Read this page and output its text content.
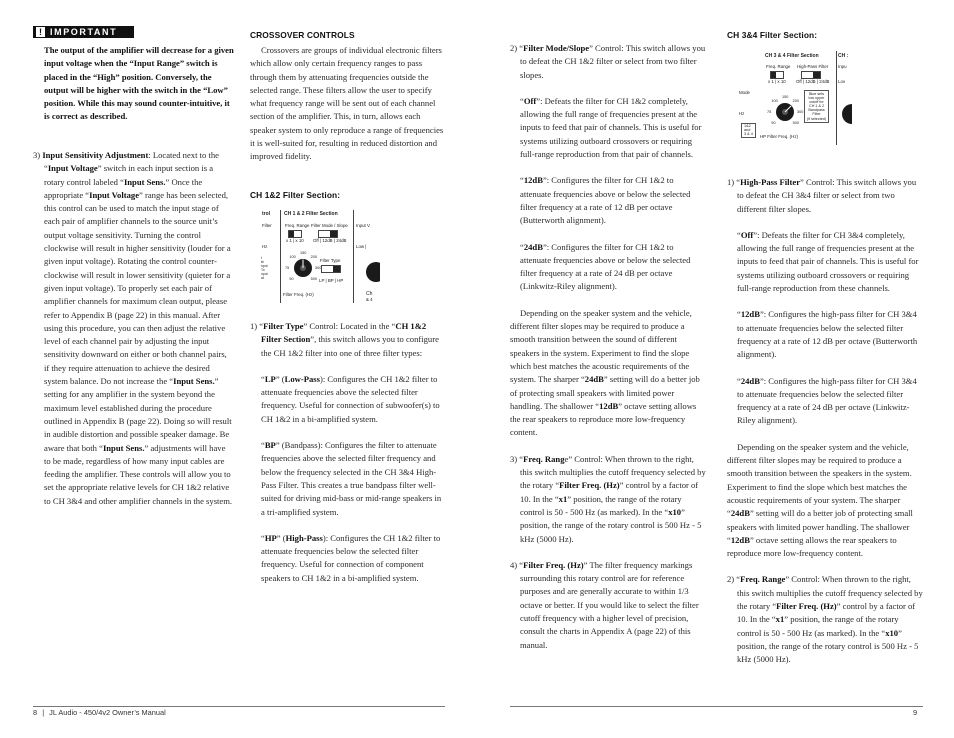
! IMPORTANT

The output of the amplifier will decrease for a given input voltage when the “Input Range” switch is placed in the “High” position. Conversely, the output will be higher with the switch in the “Low” position. While this may sound counter-intuitive, it is correct as described.

3) Input Sensitivity Adjustment: Located next to the “Input Voltage” switch in each input section is a rotary control labeled “Input Sens.” Once the appropriate “Input Voltage” range has been selected, this control can be used to match the input stage of each pair of amplifier channels to the source unit’s output voltage sensitivity. Turning the control clockwise will result in higher sensitivity (louder for a given input voltage). Rotating the control counter-clockwise will result in lower sensitivity (quieter for a given input voltage). To properly set each pair of amplifier channels for maximum clean output, please refer to Appendix B (page 22) in this manual. After using this procedure, you can then adjust the relative level of each channel pair by adjusting the input sensitivity downward on either or both channel pairs, if they require attenuation to achieve the desired system balance. Do not increase the “Input Sens.” setting for any amplifier in the system beyond the maximum level established during the procedure outlined in Appendix B (page 22). Doing so will result in audible distortion and possible speaker damage. Be aware that both “Input Sens.” adjustments will have to be made, regardless of how many input cables are feeding the amplifier. These controls will allow you to set the appropriate relative levels for CH 1&2 relative to CH 3&4 and other amplifier channels in the system.

CROSSOVER CONTROLS

Crossovers are groups of individual electronic filters which allow only certain frequency ranges to pass through them by attenuating frequencies outside the selected range. These filters allow the user to specify what frequency range will be sent out of each channel section of the amplifier. This, in turn, allows each speaker system to only reproduce a range of frequencies it is well-suited for, resulting in reduced distortion and improved fidelity.

CH 1&2 Filter Section:
trol
Filter
Hz
t
te
nput
To
nput
at
CH 1 & 2 Filter Section
Freq. Range Filter Mode / Slope
x 1 | x 10 Off | 12dB | 24dB
50
75
100
150
200
300
500
Filter Freq. (Hz)
Filter Type
LP | BP | HP
Input V
Low |
Ch
& 4

1) “Filter Type” Control: Located in the “CH 1&2 Filter Section”, this switch allows you to configure the CH 1&2 filter into one of three filter types:

“LP” (Low-Pass): Configures the CH 1&2 filter to attenuate frequencies above the selected filter frequency. Useful for connection of subwoofer(s) to CH 1&2 in a bi-amplified system.

“BP” (Bandpass): Configures the filter to attenuate frequencies above the selected filter frequency and below the frequency selected in the CH 3&4 High-Pass Filter. This creates a true bandpass filter well-suited for driving mid-bass or mid-range speakers in a tri-amplified system.

“HP” (High-Pass): Configures the CH 1&2 filter to attenuate frequencies below the selected filter frequency. Useful for connection of component speakers to CH 1&2 in a bi-amplified system.

2) “Filter Mode/Slope” Control: This switch allows you to defeat the CH 1&2 filter or select from two filter slopes.

“Off”: Defeats the filter for CH 1&2 completely, allowing the full range of frequencies present at the inputs to feed that pair of channels. This is useful for systems utilizing outboard crossovers or requiring full-range reproduction from that pair of channels.

“12dB”: Configures the filter for CH 1&2 to attenuate frequencies above or below the selected filter frequency at a rate of 12 dB per octave (Butterworth alignment).

“24dB”: Configures the filter for CH 1&2 to attenuate frequencies above or below the selected filter frequency at a rate of 24 dB per octave (Linkwitz-Riley alignment).

Depending on the speaker system and the vehicle, different filter slopes may be required to produce a smooth transition between the sound of different speakers in the system. Experiment to find the slope which best matches the acoustic requirements of the system. The sharper “24dB” setting will do a better job of protecting small speakers with limited power handling. The shallower “12dB” octave setting allows the rear speakers to reproduce more low-frequency content.

3) “Freq. Range” Control: When thrown to the right, this switch multiplies the cutoff frequency selected by the rotary “Filter Freq. (Hz)” control by a factor of 10. In the “x1” position, the range of the rotary control is 50 - 500 Hz (as marked). In the “x10” position, the range of the rotary control is 500 Hz - 5 kHz (5000 Hz).

4) “Filter Freq. (Hz)” The filter frequency markings surrounding this rotary control are for reference purposes and are generally accurate to within 1/3 octave or better. If you would like to select the filter cutoff frequency with a higher level of precision, consult the charts in Appendix A (page 22) of this manual.

CH 3&4 Filter Section:
CH 3 & 4 Filter Section	CH :
Freq. Range High-Pass Filter Inpu
x 1 | x 10 Off | 12dB | 24dB Lov
Mode
Hz
1&2
and
3 & 4
50
75
100
150
200
300
500
HP Filter Freq. (Hz)
Blue sets
low upper
cutoff for
CH 1 & 2
Bandpass
Filter
(if selected)

1) “High-Pass Filter” Control: This switch allows you to defeat the CH 3&4 filter or select from two different filter slopes.

“Off”: Defeats the filter for CH 3&4 completely, allowing the full range of frequencies present at the inputs to feed that pair of channels. This is useful for systems utilizing outboard crossovers or requiring full-range reproduction from these channels.

“12dB”: Configures the high-pass filter for CH 3&4 to attenuate frequencies below the selected filter frequency at a rate of 12 dB per octave (Butterworth alignment).

“24dB”: Configures the high-pass filter for CH 3&4 to attenuate frequencies below the selected filter frequency at a rate of 24 dB per octave (Linkwitz-Riley alignment).

Depending on the speaker system and the vehicle, different filter slopes may be required to produce a smooth transition between the speakers in the system. Experiment to find the slope which best matches the acoustic requirements of your system. The sharper “24dB” setting will do a better job of protecting small speakers with limited power handling. The shallower “12dB” octave setting allows the rear speakers to reproduce more low-frequency content.

2) “Freq. Range” Control: When thrown to the right, this switch multiplies the cutoff frequency selected by the rotary “Filter Freq. (Hz)” control by a factor of 10. In the “x1” position, the range of the rotary control is 50 - 500 Hz (as marked). In the “x10” position, the range of the rotary control is 500 Hz - 5 kHz (5000 Hz).

8 | JL Audio - 450/4v2 Owner’s Manual	9
